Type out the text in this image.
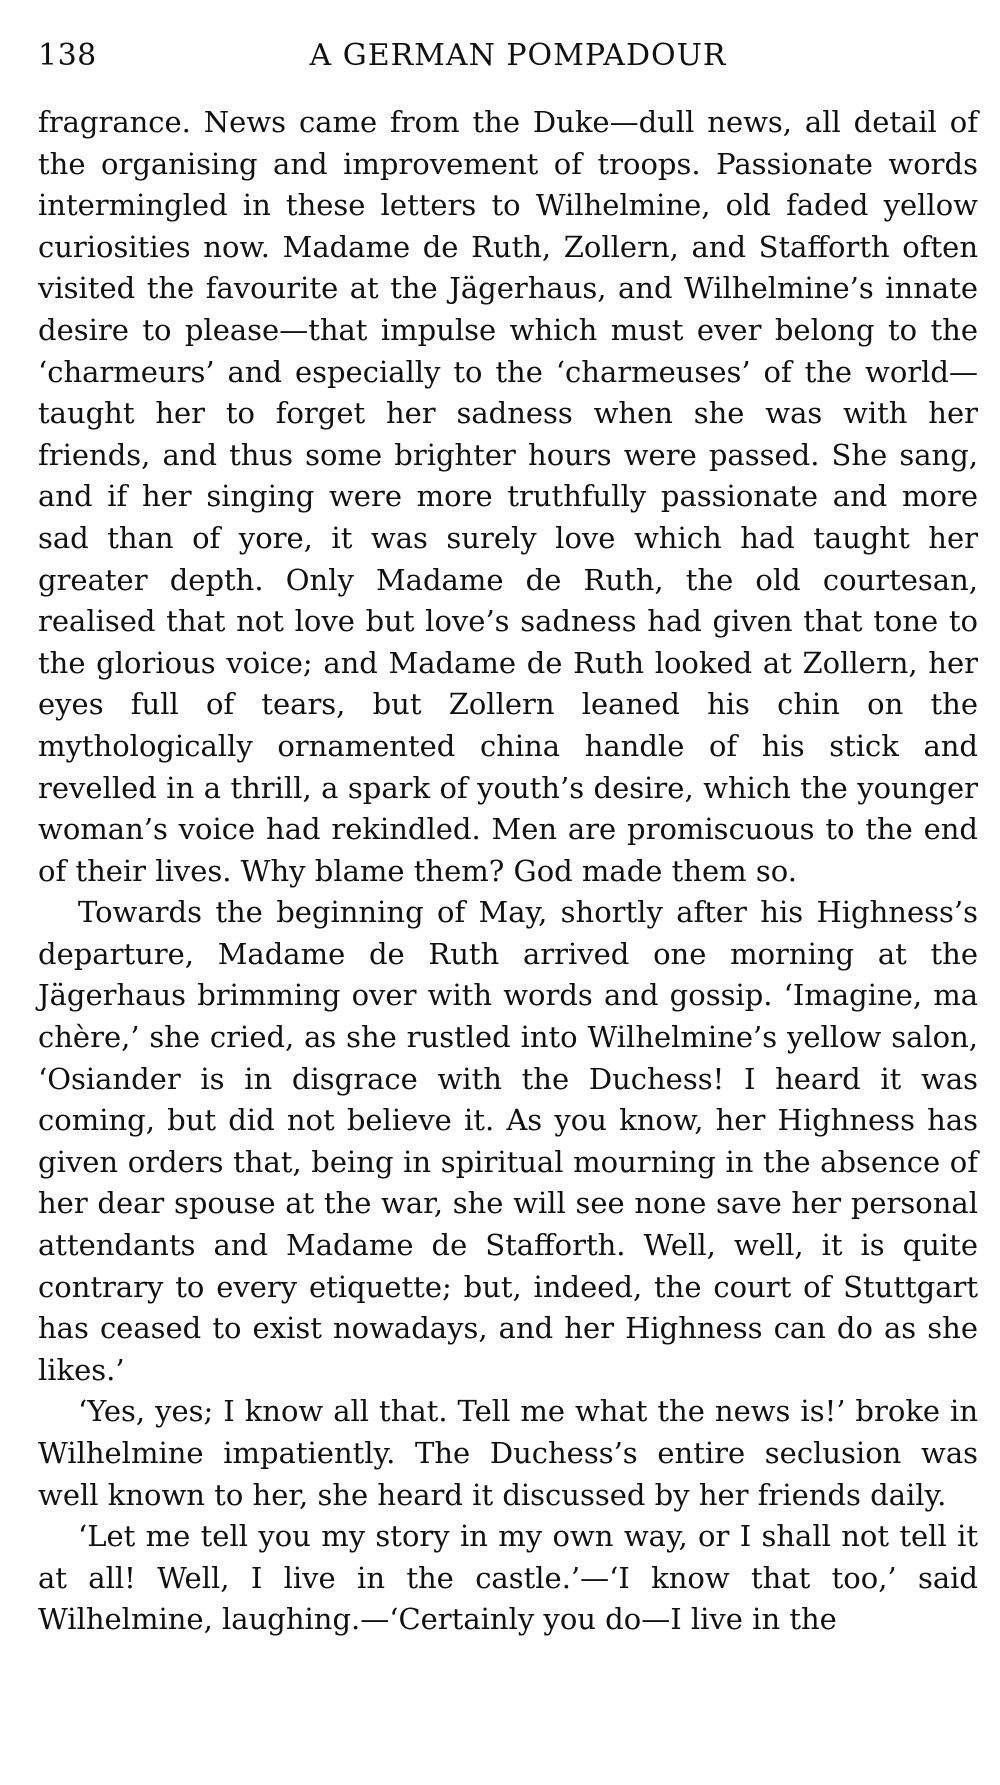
138	A GERMAN POMPADOUR

fragrance. News came from the Duke—dull news, all detail of the organising and improvement of troops. Passionate words intermingled in these letters to Wilhelmine, old faded yellow curiosities now. Madame de Ruth, Zollern, and Stafforth often visited the favourite at the Jägerhaus, and Wilhelmine’s innate desire to please—that impulse which must ever belong to the ‘charmeurs’ and especially to the ‘charmeuses’ of the world—taught her to forget her sadness when she was with her friends, and thus some brighter hours were passed. She sang, and if her singing were more truthfully passionate and more sad than of yore, it was surely love which had taught her greater depth. Only Madame de Ruth, the old courtesan, realised that not love but love’s sadness had given that tone to the glorious voice; and Madame de Ruth looked at Zollern, her eyes full of tears, but Zollern leaned his chin on the mythologically ornamented china handle of his stick and revelled in a thrill, a spark of youth’s desire, which the younger woman’s voice had rekindled. Men are promiscuous to the end of their lives. Why blame them? God made them so.

Towards the beginning of May, shortly after his Highness’s departure, Madame de Ruth arrived one morning at the Jägerhaus brimming over with words and gossip. ‘Imagine, ma chère,’ she cried, as she rustled into Wilhelmine’s yellow salon, ‘Osiander is in disgrace with the Duchess! I heard it was coming, but did not believe it. As you know, her Highness has given orders that, being in spiritual mourning in the absence of her dear spouse at the war, she will see none save her personal attendants and Madame de Stafforth. Well, well, it is quite contrary to every etiquette; but, indeed, the court of Stuttgart has ceased to exist nowadays, and her Highness can do as she likes.’

‘Yes, yes; I know all that. Tell me what the news is!’ broke in Wilhelmine impatiently. The Duchess’s entire seclusion was well known to her, she heard it discussed by her friends daily.

‘Let me tell you my story in my own way, or I shall not tell it at all! Well, I live in the castle.’—‘I know that too,’ said Wilhelmine, laughing.—‘Certainly you do—I live in the
